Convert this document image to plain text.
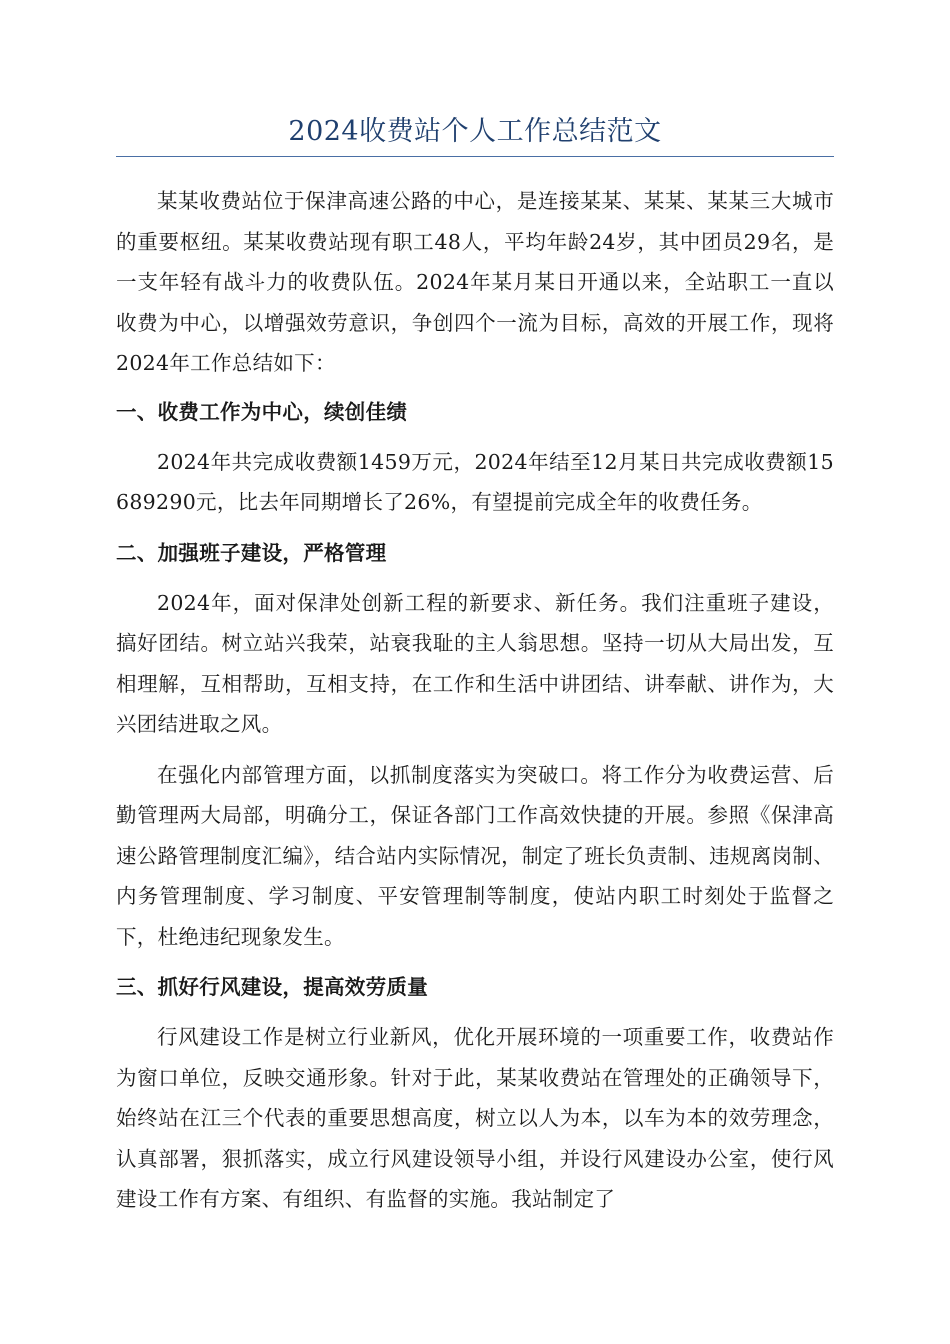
2024收费站个人工作总结范文

某某收费站位于保津高速公路的中心，是连接某某、某某、某某三大城市的重要枢纽。某某收费站现有职工48人，平均年龄24岁，其中团员29名，是一支年轻有战斗力的收费队伍。2024年某月某日开通以来，全站职工一直以收费为中心，以增强效劳意识，争创四个一流为目标，高效的开展工作，现将2024年工作总结如下：

一、收费工作为中心，续创佳绩

2024年共完成收费额1459万元，2024年结至12月某日共完成收费额15689290元，比去年同期增长了26%，有望提前完成全年的收费任务。

二、加强班子建设，严格管理

2024年，面对保津处创新工程的新要求、新任务。我们注重班子建设，搞好团结。树立站兴我荣，站衰我耻的主人翁思想。坚持一切从大局出发，互相理解，互相帮助，互相支持，在工作和生活中讲团结、讲奉献、讲作为，大兴团结进取之风。

在强化内部管理方面，以抓制度落实为突破口。将工作分为收费运营、后勤管理两大局部，明确分工，保证各部门工作高效快捷的开展。参照《保津高速公路管理制度汇编》，结合站内实际情况，制定了班长负责制、违规离岗制、内务管理制度、学习制度、平安管理制等制度，使站内职工时刻处于监督之下，杜绝违纪现象发生。

三、抓好行风建设，提高效劳质量

行风建设工作是树立行业新风，优化开展环境的一项重要工作，收费站作为窗口单位，反映交通形象。针对于此，某某收费站在管理处的正确领导下，始终站在江三个代表的重要思想高度，树立以人为本，以车为本的效劳理念，认真部署，狠抓落实，成立行风建设领导小组，并设行风建设办公室，使行风建设工作有方案、有组织、有监督的实施。我站制定了
